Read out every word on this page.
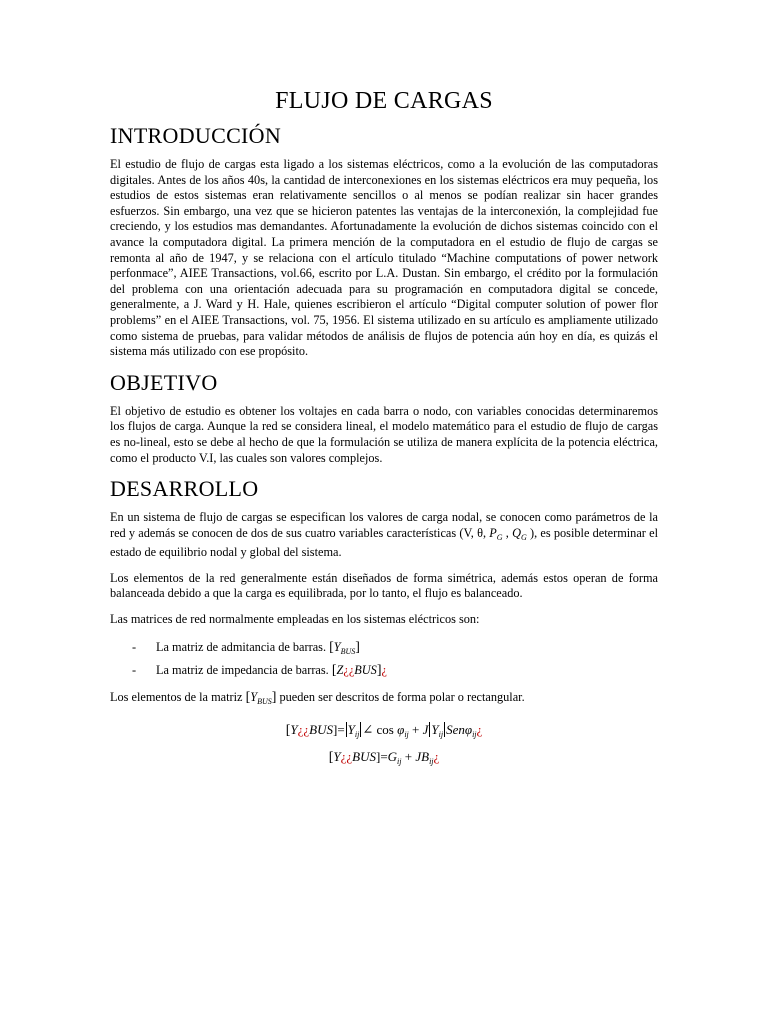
FLUJO DE CARGAS
INTRODUCCIÓN

El estudio de flujo de cargas esta ligado a los sistemas eléctricos, como a la evolución de las computadoras digitales. Antes de los años 40s, la cantidad de interconexiones en los sistemas eléctricos era muy pequeña, los estudios de estos sistemas eran relativamente sencillos o al menos se podían realizar sin hacer grandes esfuerzos. Sin embargo, una vez que se hicieron patentes las ventajas de la interconexión, la complejidad fue creciendo, y los estudios mas demandantes. Afortunadamente la evolución de dichos sistemas coincido con el avance la computadora digital. La primera mención de la computadora en el estudio de flujo de cargas se remonta al año de 1947, y se relaciona con el artículo titulado “Machine computations of power network perfonmace”, AIEE Transactions, vol.66, escrito por L.A. Dustan. Sin embargo, el crédito por la formulación del problema con una orientación adecuada para su programación en computadora digital se concede, generalmente, a J. Ward y H. Hale, quienes escribieron el artículo “Digital computer solution of power flor problems” en el AIEE Transactions, vol. 75, 1956. El sistema utilizado en su artículo es ampliamente utilizado como sistema de pruebas, para validar métodos de análisis de flujos de potencia aún hoy en día, es quizás el sistema más utilizado con ese propósito.

OBJETIVO

El objetivo de estudio es obtener los voltajes en cada barra o nodo, con variables conocidas determinaremos los flujos de carga. Aunque la red se considera lineal, el modelo matemático para el estudio de flujo de cargas es no-lineal, esto se debe al hecho de que la formulación se utiliza de manera explícita de la potencia eléctrica, como el producto V.I, las cuales son valores complejos.

DESARROLLO

En un sistema de flujo de cargas se especifican los valores de carga nodal, se conocen como parámetros de la red y además se conocen de dos de sus cuatro variables características (V, θ, $P_G$ , $Q_G$ ), es posible determinar el estado de equilibrio nodal y global del sistema.

Los elementos de la red generalmente están diseñados de forma simétrica, además estos operan de forma balanceada debido a que la carga es equilibrada, por lo tanto, el flujo es balanceado.

Las matrices de red normalmente empleadas en los sistemas eléctricos son:

- La matriz de admitancia de barras. $[Y_{BUS}]$
- La matriz de impedancia de barras. [Z¿¿BUS]¿

Los elementos de la matriz $[Y_{BUS}]$ pueden ser descritos de forma polar o rectangular.

[Y¿¿BUS]= $Y_{ij}$ ∠ $\cos \varphi_{ij} + J$ $Y_{ij}$ Senφ$_{ij}$¿
$[Y¿¿BUS]=G_{ij}$ + $JB_{ij}¿$
